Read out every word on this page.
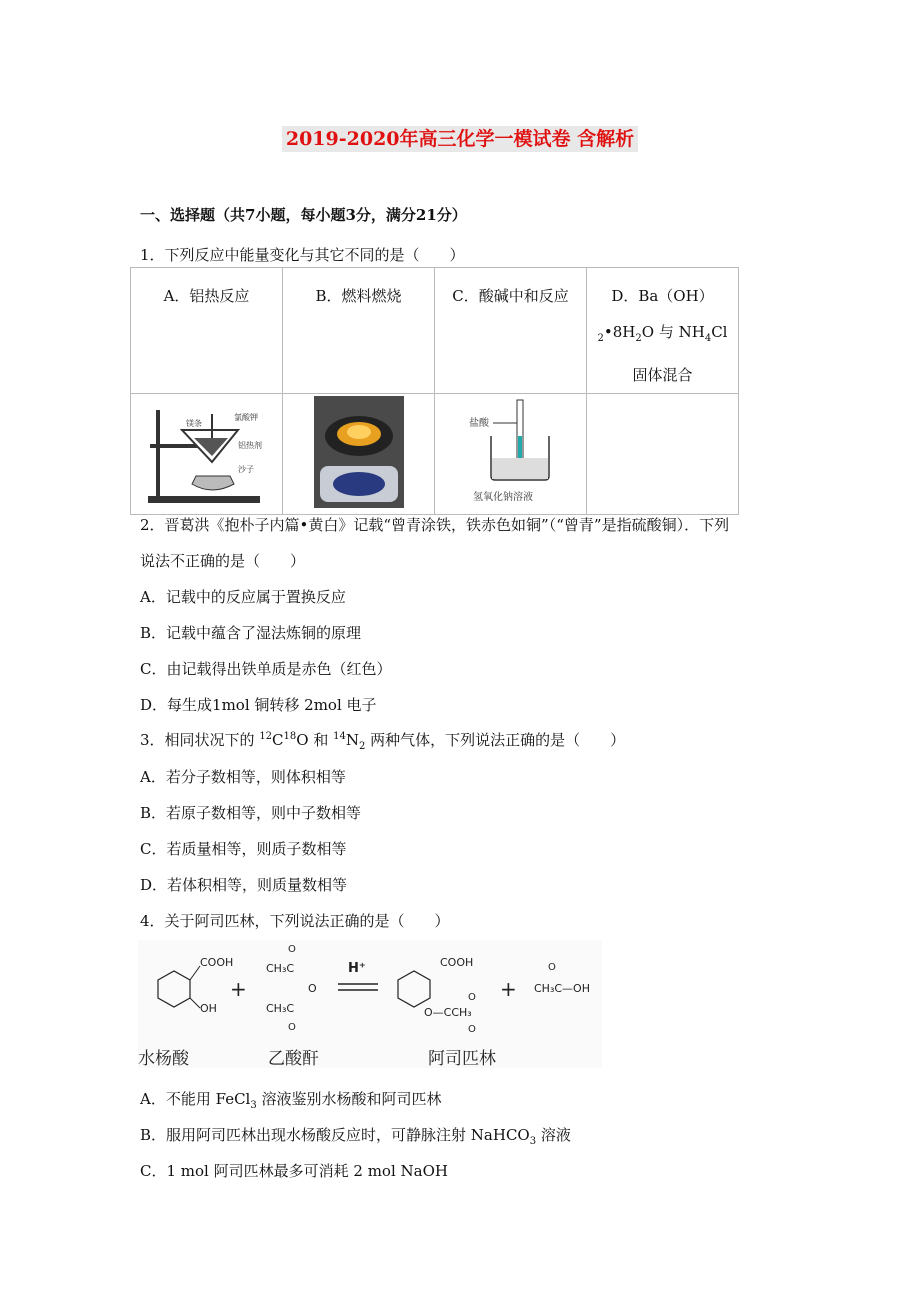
2019-2020年高三化学一模试卷 含解析
一、选择题（共7小题，每小题3分，满分21分）
1．下列反应中能量变化与其它不同的是（　　）
A．铝热反应	B．燃料燃烧	C．酸碱中和反应	D．Ba（OH）
$_2•8H_2O$ 与 $NH_4Cl$
固体混合

镁条
氯酸钾
铝热剂
沙子		盐酸
氢氧化钠溶液	

2．晋葛洪《抱朴子内篇•黄白》记载“曾青涂铁，铁赤色如铜”（“曾青”是指硫酸铜）．下列
说法不正确的是（　　）
A．记载中的反应属于置换反应
B．记载中蕴含了湿法炼铜的原理
C．由记载得出铁单质是赤色（红色）
D．每生成1mol 铜转移 2mol 电子
3．相同状况下的 $^{12}C^{18}O$ 和 $^{14}N_2$ 两种气体，下列说法正确的是（　　）
A．若分子数相等，则体积相等
B．若原子数相等，则中子数相等
C．若质量相等，则质子数相等
D．若体积相等，则质量数相等
4．关于阿司匹林，下列说法正确的是（　　）
COOH
OH
+
O
CH₃C
O
CH₃C
O
H⁺	COOH
O
O—CCH₃
O
+
O
CH₃C—OH
水杨酸	乙酸酐	阿司匹林
A．不能用 FeCl$_3$ 溶液鉴别水杨酸和阿司匹林
B．服用阿司匹林出现水杨酸反应时，可静脉注射 NaHCO$_3$ 溶液
C．1 mol 阿司匹林最多可消耗 2 mol NaOH
